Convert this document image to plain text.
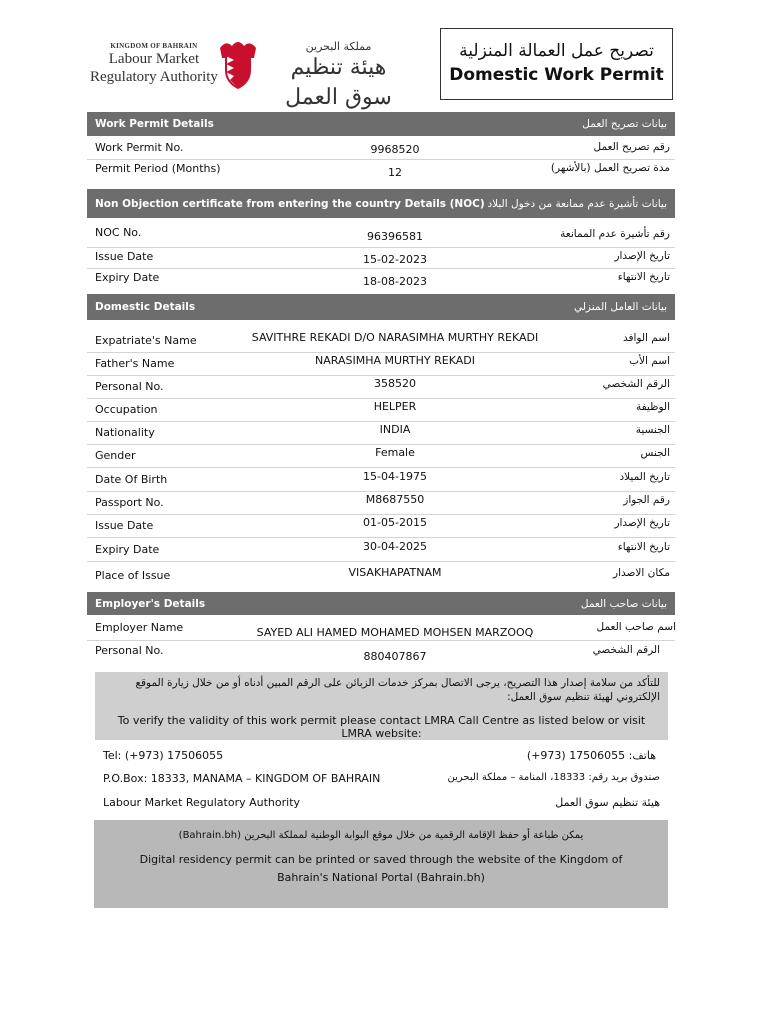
KINGDOM OF BAHRAIN
Labour Market
Regulatory Authority
مملكة البحرين
هيئة تنظيم سوق العمل
تصريح عمل العمالة المنزلية
Domestic Work Permit
Work Permit Details	بيانات تصريح العمل
Work Permit No.	9968520	رقم تصريح العمل
Permit Period (Months)	12	مدة تصريح العمل (بالأشهر)
Non Objection certificate from entering the country Details (NOC) بيانات تأشيرة عدم ممانعة من دخول البلاد
NOC No.	96396581	رقم تأشيرة عدم الممانعة
Issue Date	15-02-2023	تاريخ الإصدار
Expiry Date	18-08-2023	تاريخ الانتهاء
Domestic Details	بيانات العامل المنزلي
Expatriate's Name	SAVITHRE REKADI D/O NARASIMHA MURTHY REKADI	اسم الوافد
Father's Name	NARASIMHA MURTHY REKADI	اسم الأب
Personal No.	358520	الرقم الشخصي
Occupation	HELPER	الوظيفة
Nationality	INDIA	الجنسية
Gender	Female	الجنس
Date Of Birth	15-04-1975	تاريخ الميلاد
Passport No.	M8687550	رقم الجواز
Issue Date	01-05-2015	تاريخ الإصدار
Expiry Date	30-04-2025	تاريخ الانتهاء
Place of Issue	VISAKHAPATNAM	مكان الاصدار
Employer's Details	بيانات صاحب العمل
Employer Name	SAYED ALI HAMED MOHAMED MOHSEN MARZOOQ	اسم صاحب العمل
Personal No.	880407867	الرقم الشخصي
للتأكد من سلامة إصدار هذا التصريح، يرجى الاتصال بمركز خدمات الزبائن على الرقم المبين أدناه أو من خلال زيارة الموقع الإلكتروني لهيئة تنظيم سوق العمل:
To verify the validity of this work permit please contact LMRA Call Centre as listed below or visit LMRA website:
Tel: (+973) 17506055	هاتف: 17506055 (973+)
P.O.Box: 18333, MANAMA – KINGDOM OF BAHRAIN	صندوق بريد رقم: 18333، المنامة – مملكة البحرين
Labour Market Regulatory Authority	هيئة تنظيم سوق العمل
يمكن طباعة أو حفظ الإقامة الرقمية من خلال موقع البوابة الوطنية لمملكة البحرين (Bahrain.bh)
Digital residency permit can be printed or saved through the website of the Kingdom of Bahrain's National Portal (Bahrain.bh)
